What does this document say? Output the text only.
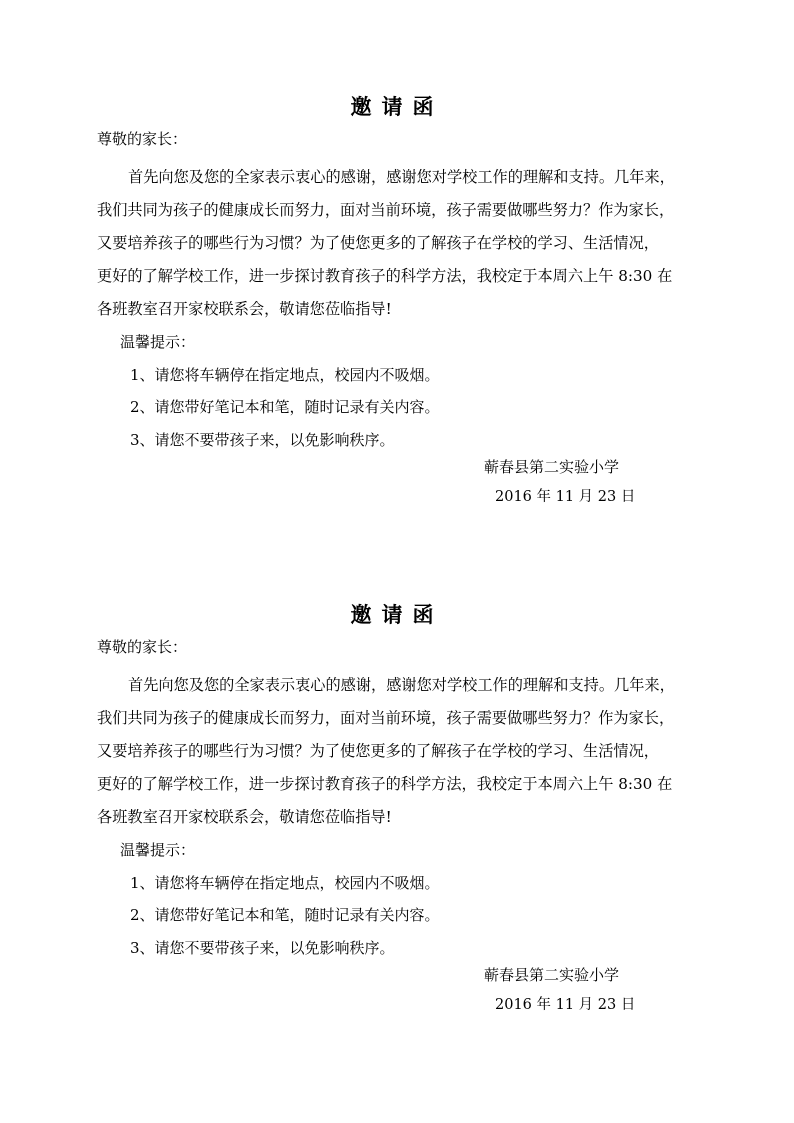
邀请函
尊敬的家长：
首先向您及您的全家表示衷心的感谢，感谢您对学校工作的理解和支持。几年来，
我们共同为孩子的健康成长而努力，面对当前环境，孩子需要做哪些努力？作为家长，
又要培养孩子的哪些行为习惯？为了使您更多的了解孩子在学校的学习、生活情况，
更好的了解学校工作，进一步探讨教育孩子的科学方法，我校定于本周六上午 8:30 在
各班教室召开家校联系会，敬请您莅临指导!
温馨提示：
1、请您将车辆停在指定地点，校园内不吸烟。
2、请您带好笔记本和笔，随时记录有关内容。
3、请您不要带孩子来，以免影响秩序。
蕲春县第二实验小学
2016 年 11 月 23 日
邀请函
尊敬的家长：
首先向您及您的全家表示衷心的感谢，感谢您对学校工作的理解和支持。几年来，
我们共同为孩子的健康成长而努力，面对当前环境，孩子需要做哪些努力？作为家长，
又要培养孩子的哪些行为习惯？为了使您更多的了解孩子在学校的学习、生活情况，
更好的了解学校工作，进一步探讨教育孩子的科学方法，我校定于本周六上午 8:30 在
各班教室召开家校联系会，敬请您莅临指导!
温馨提示：
1、请您将车辆停在指定地点，校园内不吸烟。
2、请您带好笔记本和笔，随时记录有关内容。
3、请您不要带孩子来，以免影响秩序。
蕲春县第二实验小学
2016 年 11 月 23 日
